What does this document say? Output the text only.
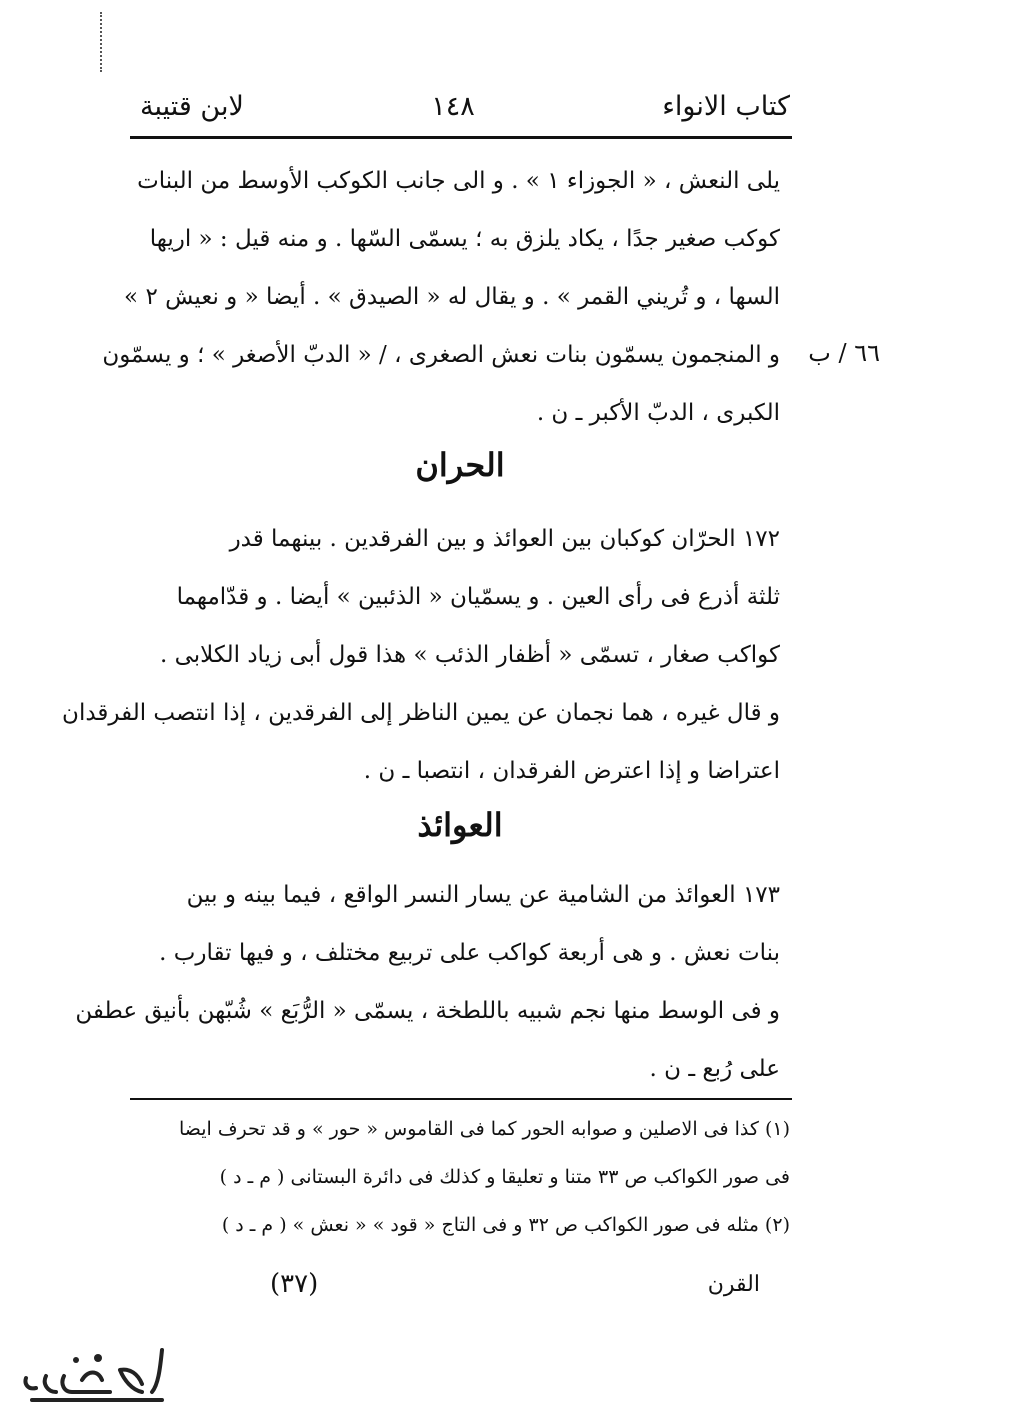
كتاب الانواء
١٤٨
لابن قتيبة
يلى النعش ، « الجوزاء ١ » . و الى جانب الكوكب الأوسط من البنات
كوكب صغير جدًا ، يكاد يلزق به ؛ يسمّى السّها . و منه قيل : « اريها
السها ، و تُريني القمر » . و يقال له « الصيدق » . أيضا « و نعيش ٢ »
و المنجمون يسمّون بنات نعش الصغرى ، / « الدبّ الأصغر » ؛ و يسمّون
الكبرى ، الدبّ الأكبر ـ ن .
٦٦ / ب
الحران
١٧٢ الحرّان كوكبان بين العوائذ و بين الفرقدين . بينهما قدر
ثلثة أذرع فى رأى العين . و يسمّيان « الذئبين » أيضا . و قدّامهما
كواكب صغار ، تسمّى « أظفار الذئب » هذا قول أبى زياد الكلابى .
و قال غيره ، هما نجمان عن يمين الناظر إلى الفرقدين ، إذا انتصب الفرقدان
اعتراضا و إذا اعترض الفرقدان ، انتصبا ـ ن .
العوائذ
١٧٣ العوائذ من الشامية عن يسار النسر الواقع ، فيما بينه و بين
بنات نعش . و هى أربعة كواكب على تربيع مختلف ، و فيها تقارب .
و فى الوسط منها نجم شبيه باللطخة ، يسمّى « الرُّبَع » شُبّهن بأنيق عطفن
على رُبع ـ ن .
(١) كذا فى الاصلين و صوابه الحور كما فى القاموس « حور » و قد تحرف ايضا
فى صور الكواكب ص ٣٣ متنا و تعليقا و كذلك فى دائرة البستانى ( م ـ د )
(٢) مثله فى صور الكواكب ص ٣٢ و فى التاج « قود » « نعش » ( م ـ د )
القرن
(٣٧)
